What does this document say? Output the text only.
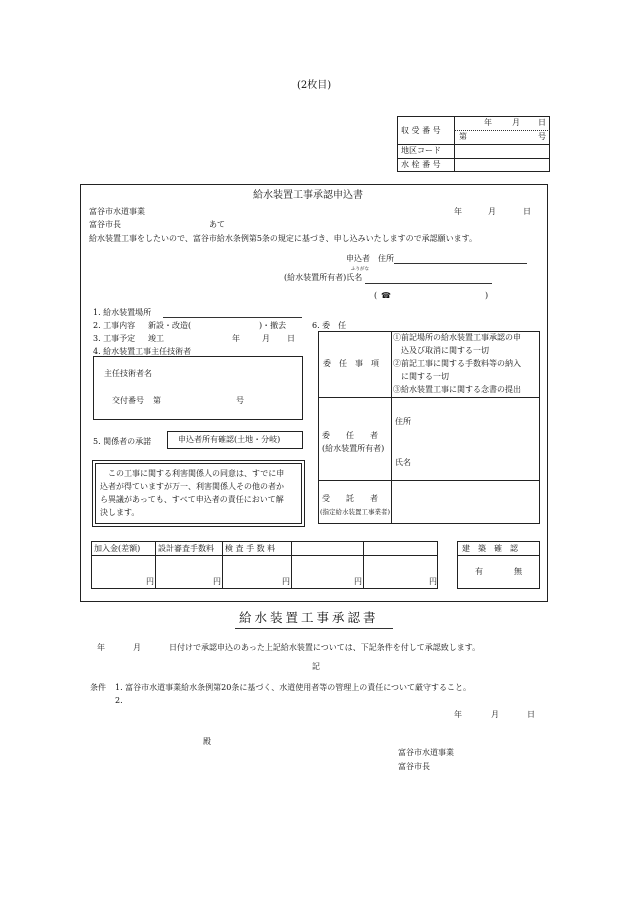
(2枚目)
収 受 番 号
年	月 日
第	号
地区コード
水 栓 番 号
給水装置工事承認申込書
富谷市水道事業
富谷市長	あて
年	月	日
給水装置工事をしたいので、富谷市給水条例第5条の規定に基づき、申し込みいたしますので承認願います。
申込者 住所
(給水装置所有者)氏名
ふりがな
( ☎	)
1. 給水装置場所
2. 工事内容 新設・改造(	)・撤去
3. 工事予定 竣工	年	月 日
4. 給水装置工事主任技術者
主任技術者名
交付番号 第	号
5. 関係者の承諾	申込者所有確認(土地・分岐)
この工事に関する利害関係人の同意は、すでに申
込者が得ていますが万一、利害関係人その他の者か
ら異議があっても、すべて申込者の責任において解
決します。
6. 委　任
委　任　事　項
①前記場所の給水装置工事承認の申
込及び取消に関する一切
②前記工事に関する手数料等の納入
に関する一切
③給水装置工事に関する念書の提出
委　　任　　者
(給水装置所有者)
住所
氏名
受　　託　　者
(指定給水装置工事業者)
加入金(差額) 設計審査手数料 検 査 手 数 料
円	円	円	円	円
建　築　確　認
有	無
給水装置工事承認書
年	月	日付けで承認申込のあった上記給水装置については、下記条件を付して承認致します。
記
条件 1. 富谷市水道事業給水条例第20条に基づく、水道使用者等の管理上の責任について厳守すること。
2.
年	月	日
殿
富谷市水道事業
富谷市長
